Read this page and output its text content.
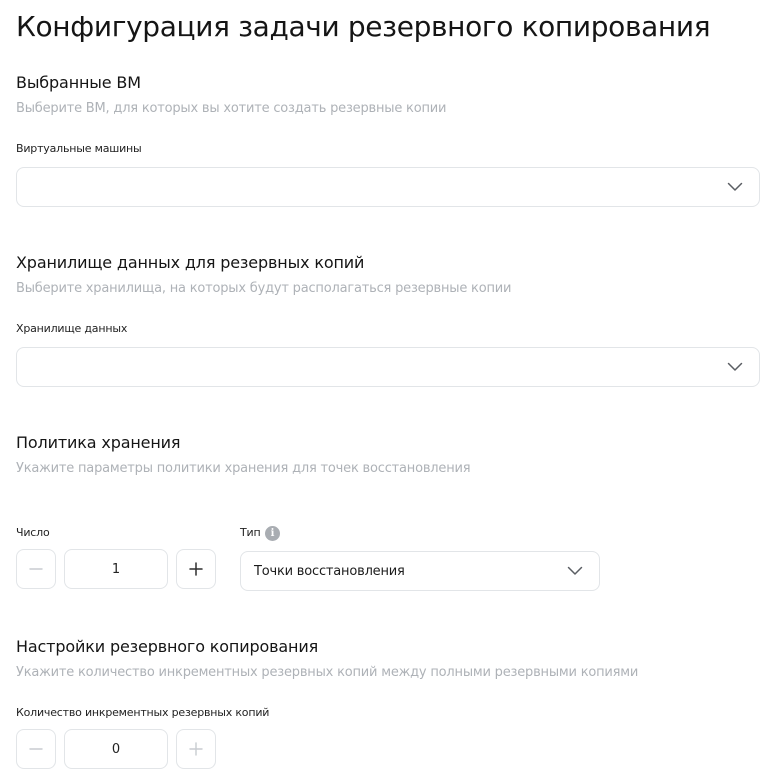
Конфигурация задачи резервного копирования
Выбранные ВМ
Выберите ВМ, для которых вы хотите создать резервные копии
Виртуальные машины
Хранилище данных для резервных копий
Выберите хранилища, на которых будут располагаться резервные копии
Хранилище данных
Политика хранения
Укажите параметры политики хранения для точек восстановления
Число
1
Тип	i
Точки восстановления
Настройки резервного копирования
Укажите количество инкрементных резервных копий между полными резервными копиями
Количество инкрементных резервных копий
0
